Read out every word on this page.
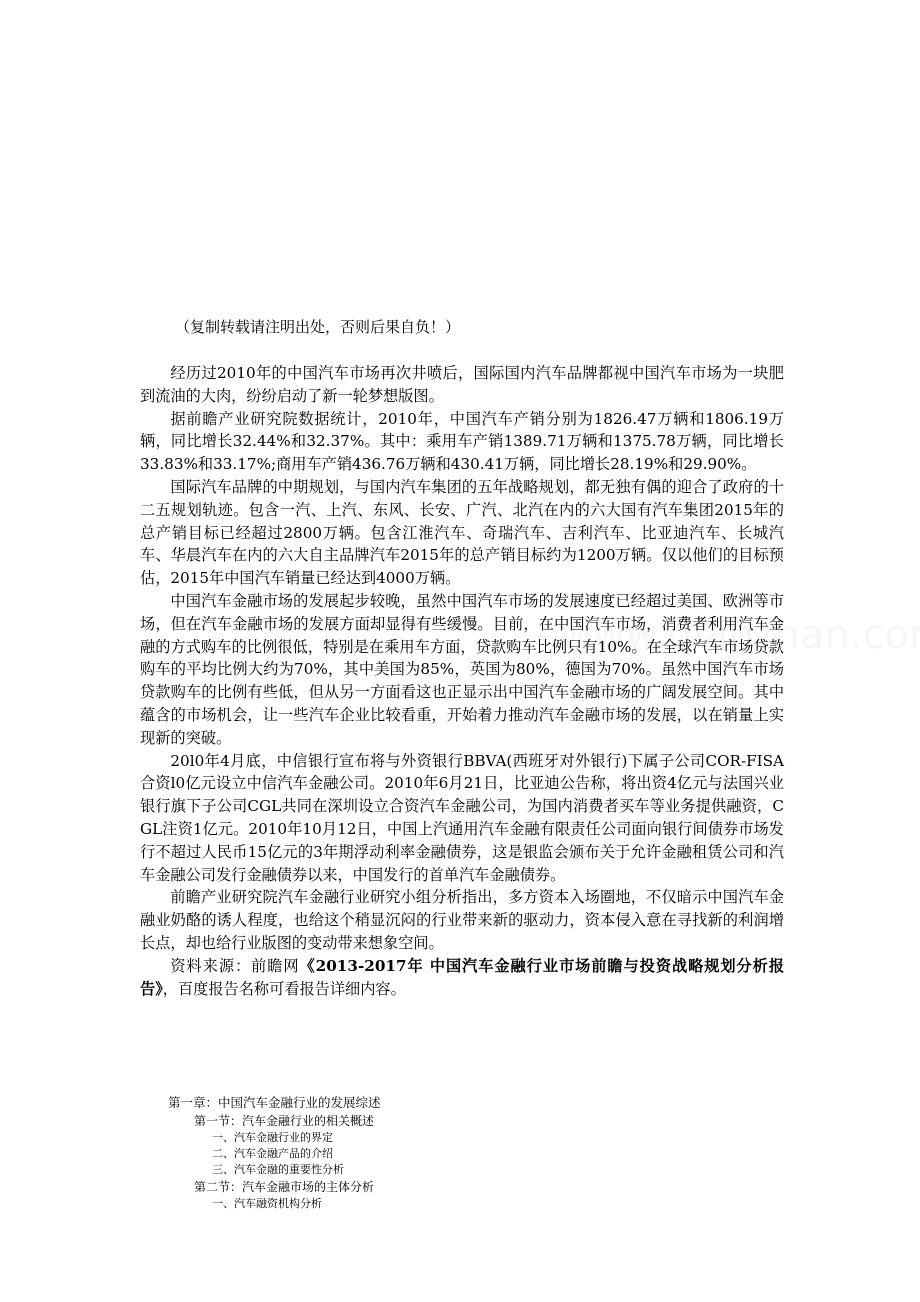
（复制转载请注明出处，否则后果自负！）

经历过2010年的中国汽车市场再次井喷后，国际国内汽车品牌都视中国汽车市场为一块肥到流油的大肉，纷纷启动了新一轮梦想版图。

据前瞻产业研究院数据统计，2010年，中国汽车产销分别为1826.47万辆和1806.19万辆，同比增长32.44%和32.37%。其中：乘用车产销1389.71万辆和1375.78万辆，同比增长33.83%和33.17%;商用车产销436.76万辆和430.41万辆，同比增长28.19%和29.90%。

国际汽车品牌的中期规划，与国内汽车集团的五年战略规划，都无独有偶的迎合了政府的十二五规划轨迹。包含一汽、上汽、东风、长安、广汽、北汽在内的六大国有汽车集团2015年的总产销目标已经超过2800万辆。包含江淮汽车、奇瑞汽车、吉利汽车、比亚迪汽车、长城汽车、华晨汽车在内的六大自主品牌汽车2015年的总产销目标约为1200万辆。仅以他们的目标预估，2015年中国汽车销量已经达到4000万辆。

中国汽车金融市场的发展起步较晚，虽然中国汽车市场的发展速度已经超过美国、欧洲等市场，但在汽车金融市场的发展方面却显得有些缓慢。目前，在中国汽车市场，消费者利用汽车金融的方式购车的比例很低，特别是在乘用车方面，贷款购车比例只有10%。在全球汽车市场贷款购车的平均比例大约为70%，其中美国为85%，英国为80%，德国为70%。虽然中国汽车市场贷款购车的比例有些低，但从另一方面看这也正显示出中国汽车金融市场的广阔发展空间。其中蕴含的市场机会，让一些汽车企业比较看重，开始着力推动汽车金融市场的发展，以在销量上实现新的突破。

20l0年4月底，中信银行宣布将与外资银行BBVA(西班牙对外银行)下属子公司COR-FISA合资l0亿元设立中信汽车金融公司。2010年6月21日，比亚迪公告称，将出资4亿元与法国兴业银行旗下子公司CGL共同在深圳设立合资汽车金融公司，为国内消费者买车等业务提供融资，CGL注资1亿元。2010年10月12日，中国上汽通用汽车金融有限责任公司面向银行间债券市场发行不超过人民币15亿元的3年期浮动利率金融债券，这是银监会颁布关于允许金融租赁公司和汽车金融公司发行金融债券以来，中国发行的首单汽车金融债券。

前瞻产业研究院汽车金融行业研究小组分析指出，多方资本入场圈地，不仅暗示中国汽车金融业奶酪的诱人程度，也给这个稍显沉闷的行业带来新的驱动力，资本侵入意在寻找新的利润增长点，却也给行业版图的变动带来想象空间。

资料来源：前瞻网《2013-2017年 中国汽车金融行业市场前瞻与投资战略规划分析报告》，百度报告名称可看报告详细内容。

第一章：中国汽车金融行业的发展综述
第一节：汽车金融行业的相关概述
一、汽车金融行业的界定
二、汽车金融产品的介绍
三、汽车金融的重要性分析
第二节：汽车金融市场的主体分析
一、汽车融资机构分析
